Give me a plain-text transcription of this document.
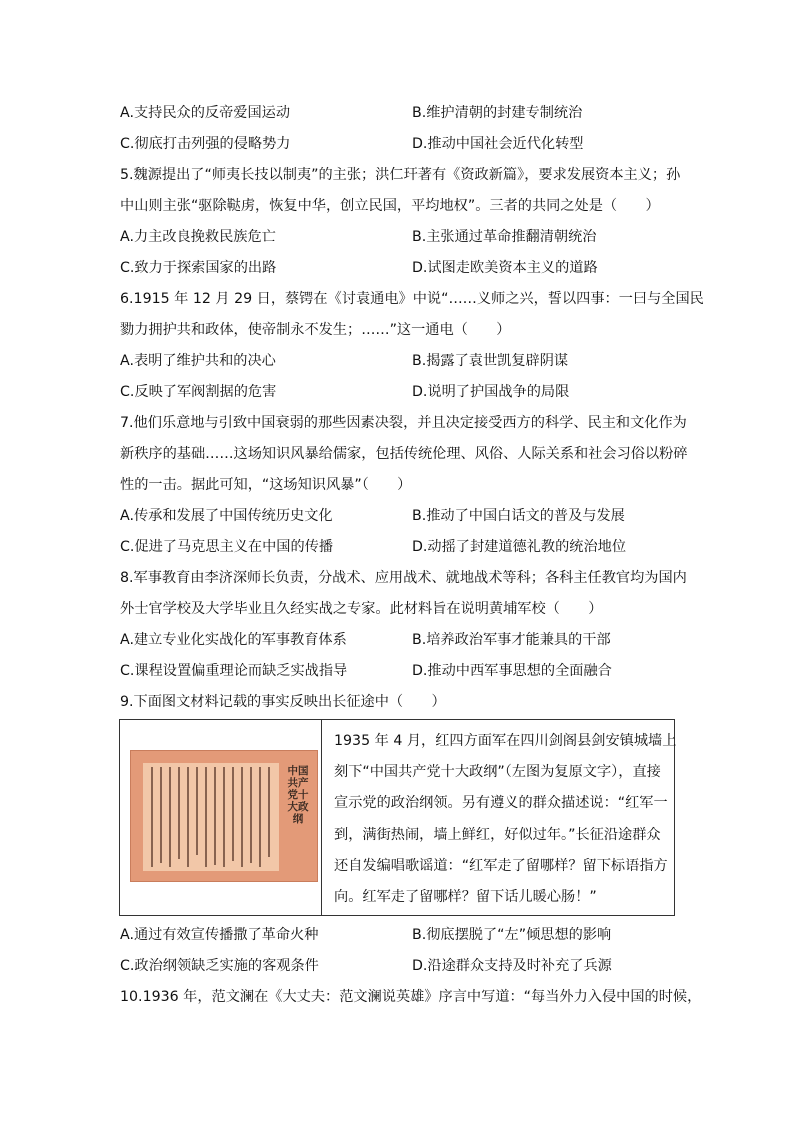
A.支持民众的反帝爱国运动	B.维护清朝的封建专制统治
C.彻底打击列强的侵略势力	D.推动中国社会近代化转型
5.魏源提出了“师夷长技以制夷”的主张；洪仁玕著有《资政新篇》，要求发展资本主义；孙
中山则主张“驱除鞑虏，恢复中华，创立民国，平均地权”。三者的共同之处是（　　）
A.力主改良挽救民族危亡	B.主张通过革命推翻清朝统治
C.致力于探索国家的出路	D.试图走欧美资本主义的道路
6.1915 年 12 月 29 日，蔡锷在《讨袁通电》中说“……义师之兴，誓以四事：一曰与全国民
勠力拥护共和政体，使帝制永不发生；……”这一通电（　　）
A.表明了维护共和的决心	B.揭露了袁世凯复辟阴谋
C.反映了军阀割据的危害	D.说明了护国战争的局限
7.他们乐意地与引致中国衰弱的那些因素决裂，并且决定接受西方的科学、民主和文化作为
新秩序的基础……这场知识风暴给儒家，包括传统伦理、风俗、人际关系和社会习俗以粉碎
性的一击。据此可知，“这场知识风暴”（　　）
A.传承和发展了中国传统历史文化	B.推动了中国白话文的普及与发展
C.促进了马克思主义在中国的传播	D.动摇了封建道德礼教的统治地位
8.军事教育由李济深师长负责，分战术、应用战术、就地战术等科；各科主任教官均为国内
外士官学校及大学毕业且久经实战之专家。此材料旨在说明黄埔军校（　　）
A.建立专业化实战化的军事教育体系	B.培养政治军事才能兼具的干部
C.课程设置偏重理论而缺乏实战指导	D.推动中西军事思想的全面融合
9.下面图文材料记载的事实反映出长征途中（　　）
中国共产党十大政纲
1935 年 4 月，红四方面军在四川剑阁县剑安镇城墙上
刻下“中国共产党十大政纲”（左图为复原文字），直接
宣示党的政治纲领。另有遵义的群众描述说：“红军一
到，满街热闹，墙上鲜红，好似过年。”长征沿途群众
还自发编唱歌谣道：“红军走了留哪样？留下标语指方
向。红军走了留哪样？留下话儿暖心肠！”
A.通过有效宣传播撒了革命火种	B.彻底摆脱了“左”倾思想的影响
C.政治纲领缺乏实施的客观条件	D.沿途群众支持及时补充了兵源
10.1936 年，范文澜在《大丈夫：范文澜说英雄》序言中写道：“每当外力入侵中国的时候，
